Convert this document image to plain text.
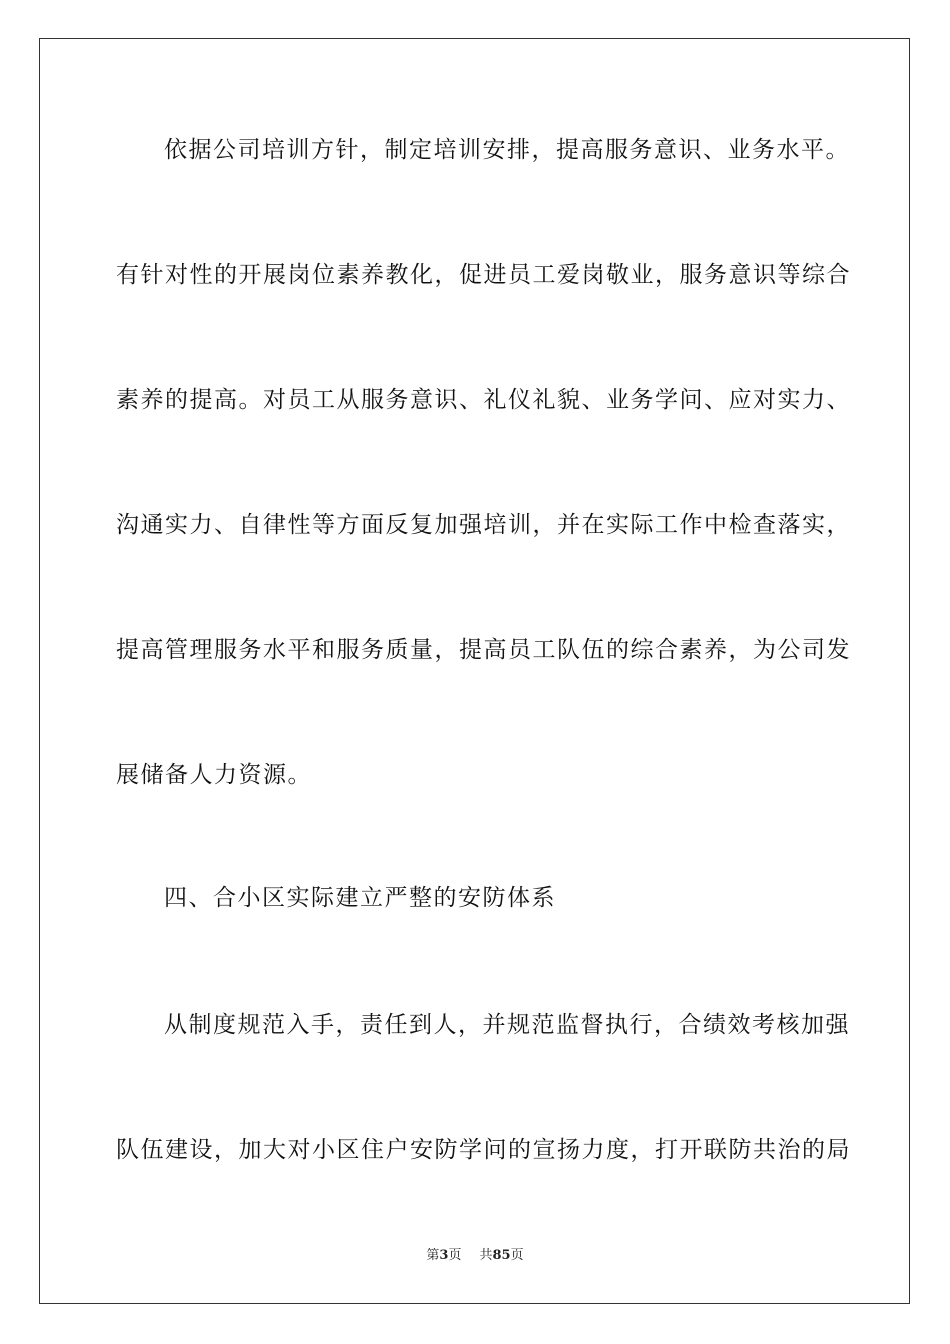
依据公司培训方针，制定培训安排，提高服务意识、业务水平。
有针对性的开展岗位素养教化，促进员工爱岗敬业，服务意识等综合
素养的提高。对员工从服务意识、礼仪礼貌、业务学问、应对实力、
沟通实力、自律性等方面反复加强培训，并在实际工作中检查落实，
提高管理服务水平和服务质量，提高员工队伍的综合素养，为公司发
展储备人力资源。
四、合小区实际建立严整的安防体系
从制度规范入手，责任到人，并规范监督执行，合绩效考核加强
队伍建设，加大对小区住户安防学问的宣扬力度，打开联防共治的局
第3页 共85页
